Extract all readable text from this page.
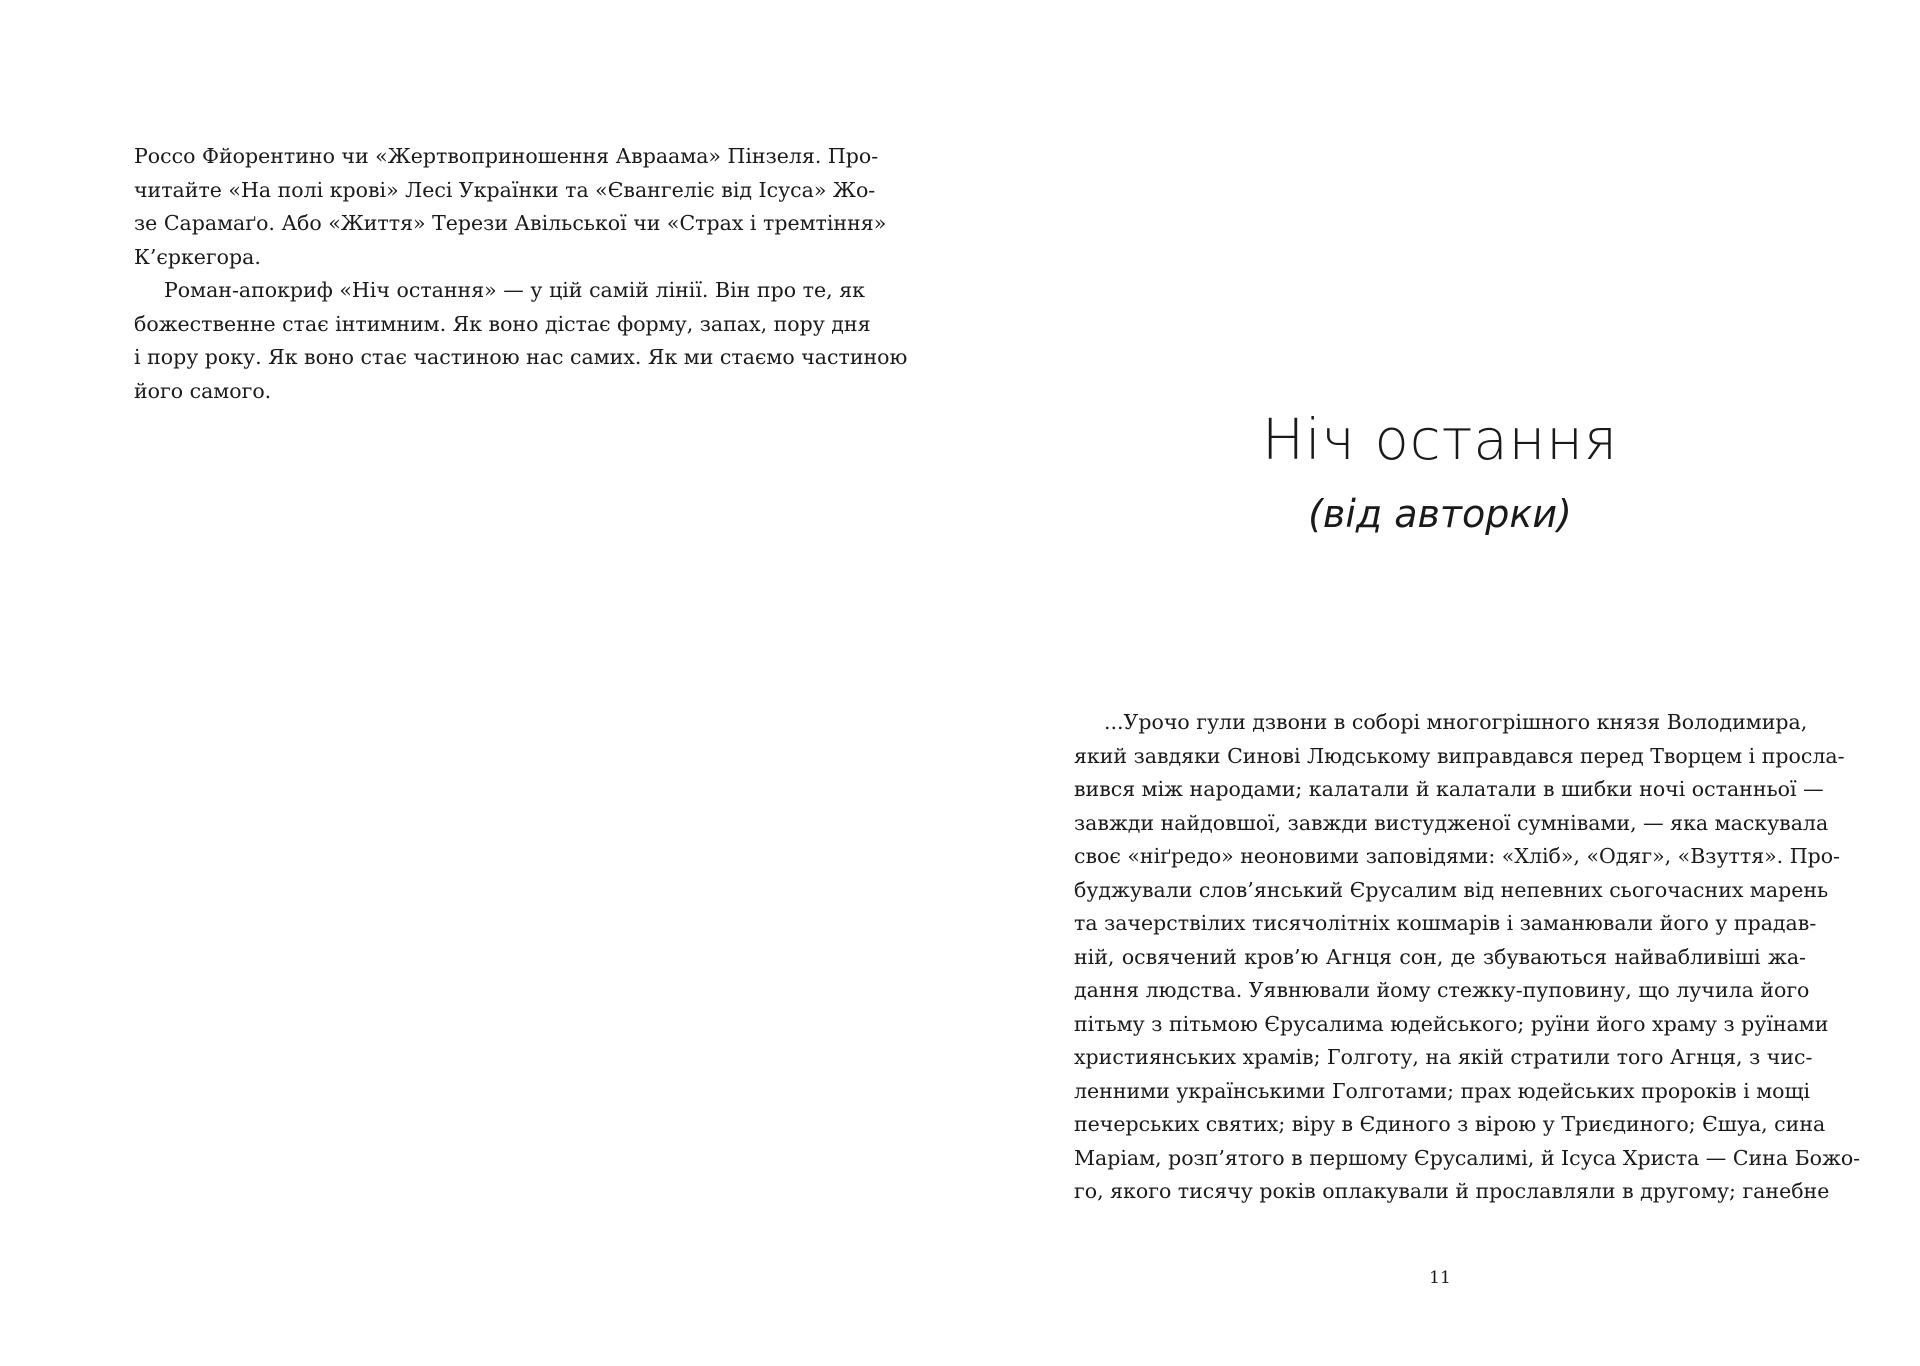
Россо Фйорентино чи «Жертвоприношення Авраама» Пінзеля. Про-
читайте «На полі крові» Лесі Українки та «Євангеліє від Ісуса» Жо-
зе Сарамаґо. Або «Життя» Терези Авільської чи «Страх і тремтіння»
К’єркегора.

Роман-апокриф «Ніч остання» — у цій самій лінії. Він про те, як
божественне стає інтимним. Як воно дістає форму, запах, пору дня
і пору року. Як воно стає частиною нас самих. Як ми стаємо частиною
його самого.

Ніч остання
(від авторки)

...Урочо гули дзвони в соборі многогрішного князя Володимира,
який завдяки Синові Людському виправдався перед Творцем і просла-
вився між народами; калатали й калатали в шибки ночі останньої —
завжди найдовшої, завжди вистудженої сумнівами, — яка маскувала
своє «ніґредо» неоновими заповідями: «Хліб», «Одяг», «Взуття». Про-
буджували слов’янський Єрусалим від непевних сьогочасних марень
та зачерствілих тисячолітніх кошмарів і заманювали його у прадав-
ній, освячений кров’ю Агнця сон, де збуваються найвабливіші жа-
дання людства. Уявнювали йому стежку-пуповину, що лучила його
пітьму з пітьмою Єрусалима юдейського; руїни його храму з руїнами
християнських храмів; Голготу, на якій стратили того Агнця, з чис-
ленними українськими Голготами; прах юдейських пророків і мощі
печерських святих; віру в Єдиного з вірою у Триєдиного; Єшуа, сина
Маріам, розп’ятого в першому Єрусалимі, й Ісуса Христа — Сина Божо-
го, якого тисячу років оплакували й прославляли в другому; ганебне

11
